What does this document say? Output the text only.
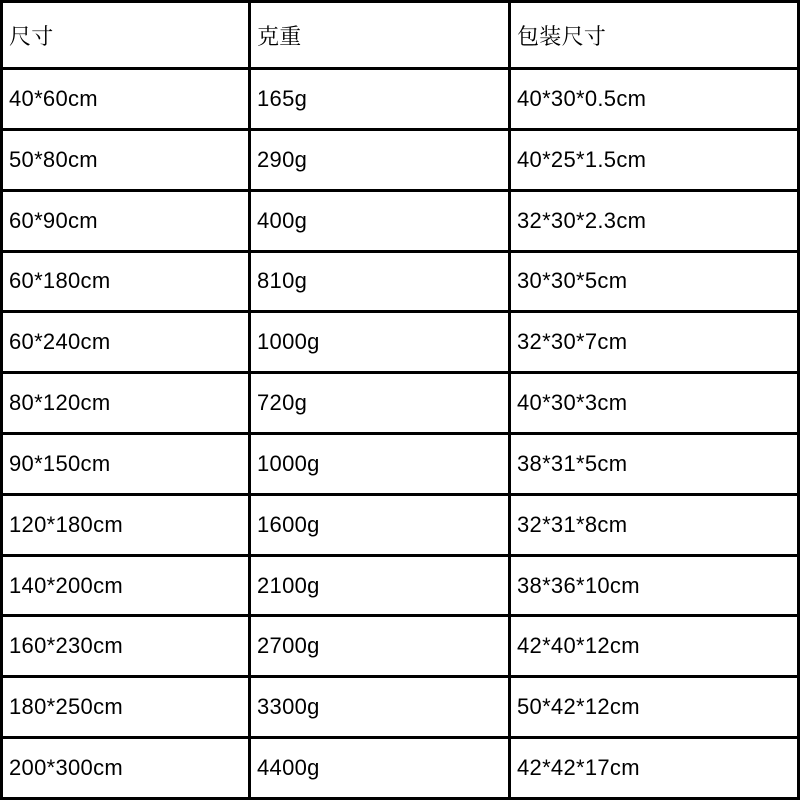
尺寸	克重	包装尺寸
40*60cm	165g	40*30*0.5cm
50*80cm	290g	40*25*1.5cm
60*90cm	400g	32*30*2.3cm
60*180cm	810g	30*30*5cm
60*240cm	1000g	32*30*7cm
80*120cm	720g	40*30*3cm
90*150cm	1000g	38*31*5cm
120*180cm	1600g	32*31*8cm
140*200cm	2100g	38*36*10cm
160*230cm	2700g	42*40*12cm
180*250cm	3300g	50*42*12cm
200*300cm	4400g	42*42*17cm
